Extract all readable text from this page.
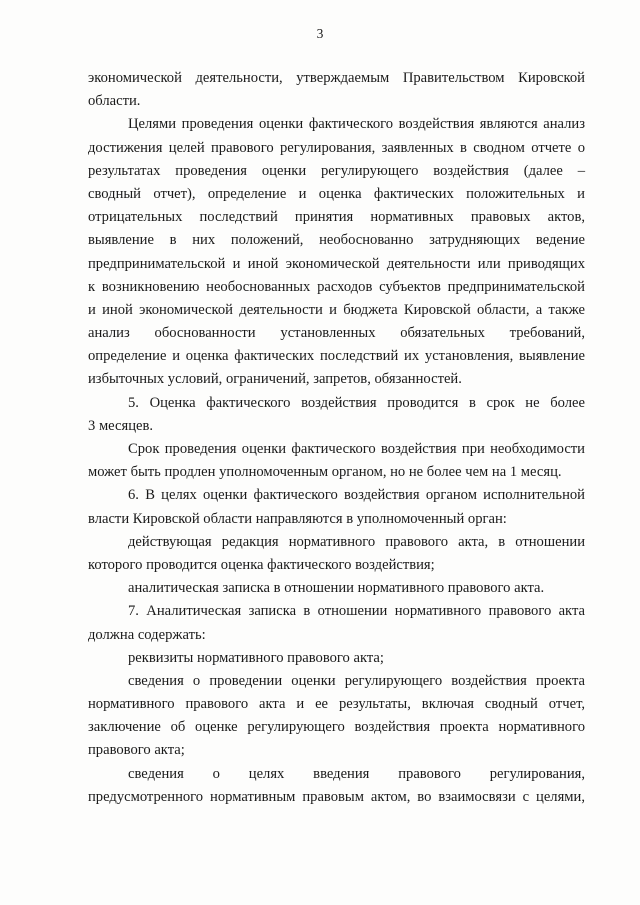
3
экономической деятельности, утверждаемым Правительством Кировской
области.
Целями проведения оценки фактического воздействия являются анализ
достижения целей правового регулирования, заявленных в сводном отчете о
результатах проведения оценки регулирующего воздействия (далее –
сводный отчет), определение и оценка фактических положительных и
отрицательных последствий принятия нормативных правовых актов,
выявление в них положений, необоснованно затрудняющих ведение
предпринимательской и иной экономической деятельности или приводящих
к возникновению необоснованных расходов субъектов предпринимательской
и иной экономической деятельности и бюджета Кировской области, а также
анализ обоснованности установленных обязательных требований,
определение и оценка фактических последствий их установления, выявление
избыточных условий, ограничений, запретов, обязанностей.
5. Оценка фактического воздействия проводится в срок не более
3 месяцев.
Срок проведения оценки фактического воздействия при необходимости
может быть продлен уполномоченным органом, но не более чем на 1 месяц.
6. В целях оценки фактического воздействия органом исполнительной
власти Кировской области направляются в уполномоченный орган:
действующая редакция нормативного правового акта, в отношении
которого проводится оценка фактического воздействия;
аналитическая записка в отношении нормативного правового акта.
7. Аналитическая записка в отношении нормативного правового акта
должна содержать:
реквизиты нормативного правового акта;
сведения о проведении оценки регулирующего воздействия проекта
нормативного правового акта и ее результаты, включая сводный отчет,
заключение об оценке регулирующего воздействия проекта нормативного
правового акта;
сведения о целях введения правового регулирования,
предусмотренного нормативным правовым актом, во взаимосвязи с целями,
